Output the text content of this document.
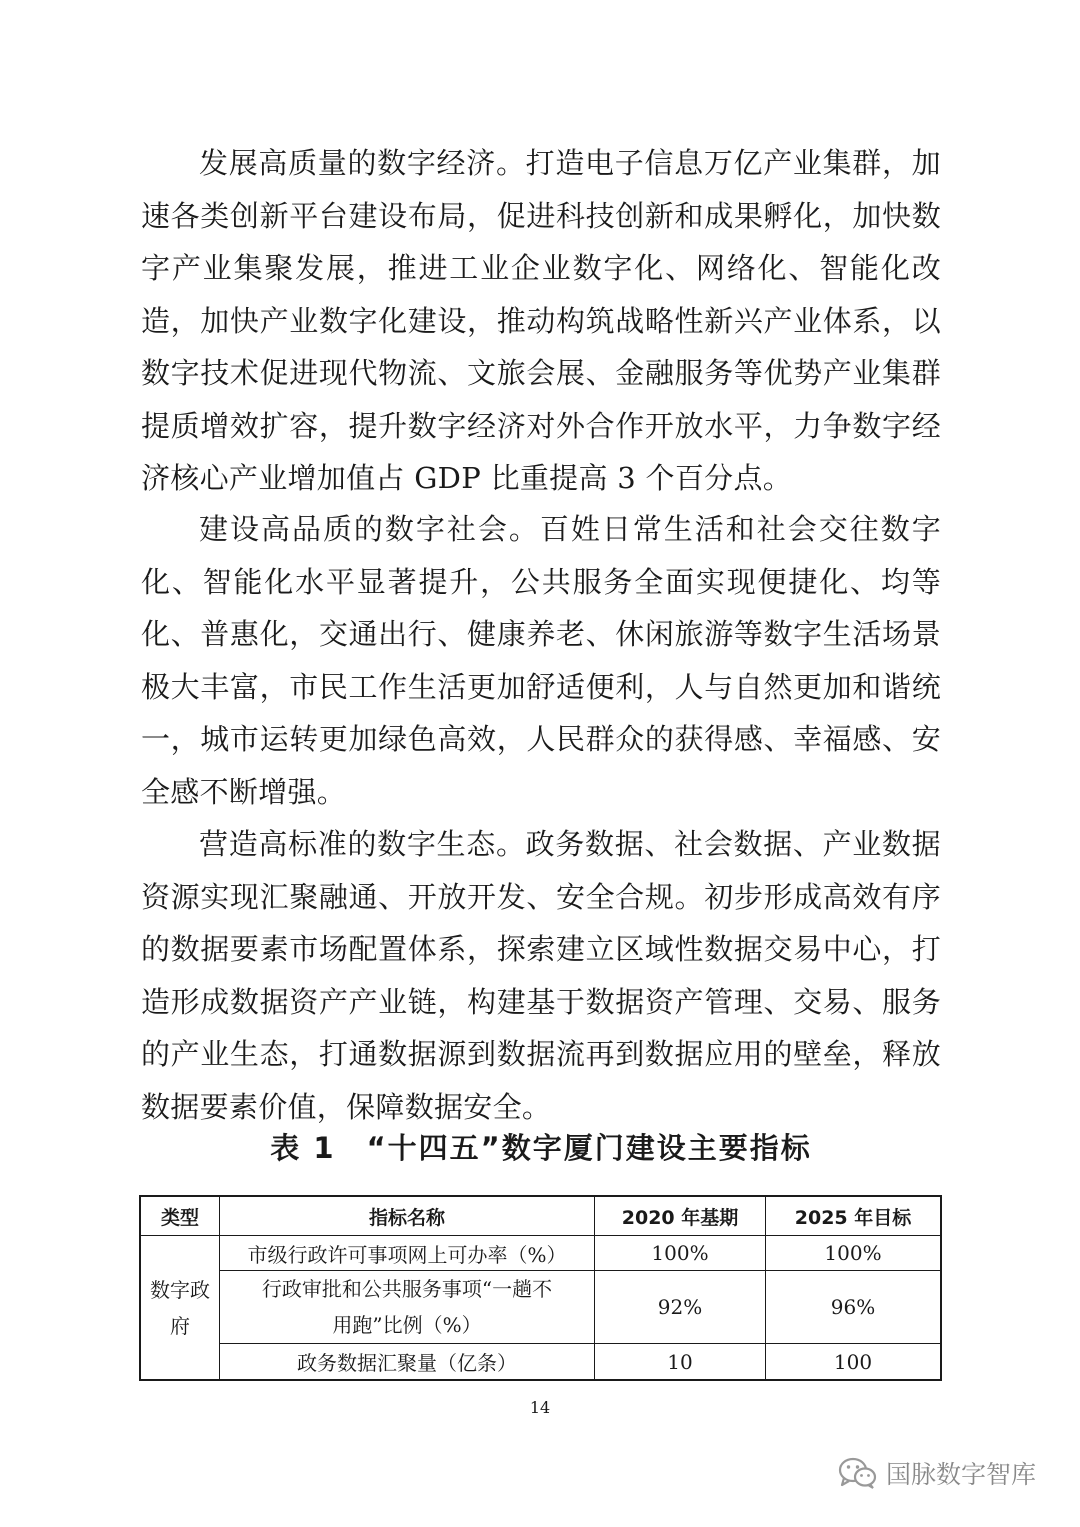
发展高质量的数字经济。打造电子信息万亿产业集群，加速各类创新平台建设布局，促进科技创新和成果孵化，加快数字产业集聚发展，推进工业企业数字化、网络化、智能化改造，加快产业数字化建设，推动构筑战略性新兴产业体系，以数字技术促进现代物流、文旅会展、金融服务等优势产业集群提质增效扩容，提升数字经济对外合作开放水平，力争数字经济核心产业增加值占 GDP 比重提高 3 个百分点。

建设高品质的数字社会。百姓日常生活和社会交往数字化、智能化水平显著提升，公共服务全面实现便捷化、均等化、普惠化，交通出行、健康养老、休闲旅游等数字生活场景极大丰富，市民工作生活更加舒适便利，人与自然更加和谐统一，城市运转更加绿色高效，人民群众的获得感、幸福感、安全感不断增强。

营造高标准的数字生态。政务数据、社会数据、产业数据资源实现汇聚融通、开放开发、安全合规。初步形成高效有序的数据要素市场配置体系，探索建立区域性数据交易中心，打造形成数据资产产业链，构建基于数据资产管理、交易、服务的产业生态，打通数据源到数据流再到数据应用的壁垒，释放数据要素价值，保障数据安全。

表 1　“十四五”数字厦门建设主要指标
类型	指标名称	2020 年基期	2025 年目标
数字政府	市级行政许可事项网上可办率（%）	100%	100%
	行政审批和公共服务事项“一趟不用跑”比例（%）	92%	96%
	政务数据汇聚量（亿条）	10	100
14
国脉数字智库
